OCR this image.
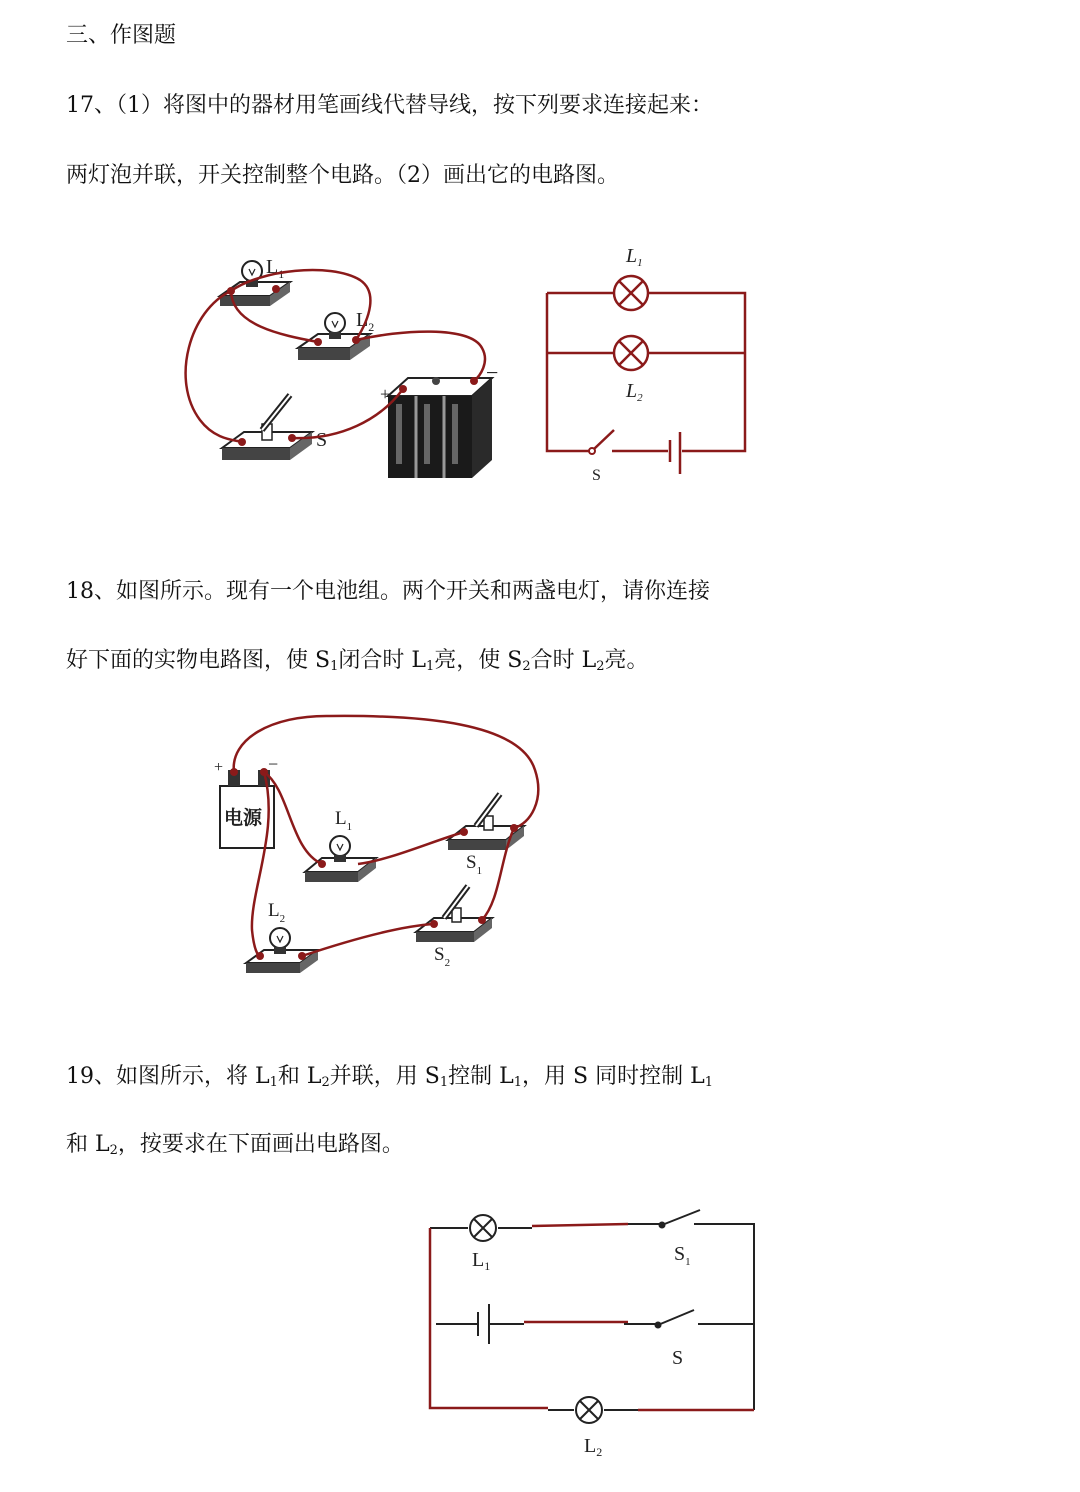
三、作图题
17、（1）将图中的器材用笔画线代替导线，按下列要求连接起来：
两灯泡并联，开关控制整个电路。（2）画出它的电路图。
18、如图所示。现有一个电池组。两个开关和两盏电灯，请你连接
好下面的实物电路图，使 $S_1$闭合时 $L_1$亮，使 $S_2$合时 $L_2$亮。
19、如图所示，将 $L_1$和 $L_2$并联，用 $S_1$控制 $L_1$，用 S 同时控制 $L_1$
和 $L_2$，按要求在下面画出电路图。
$L_1$
$L_2$
S
+
−
$L_1$
$L_2$
S
电源
+ −
$L_1$
$S_1$
$L_2$
$S_2$
$L_1$
$S_1$
S
$L_2$
